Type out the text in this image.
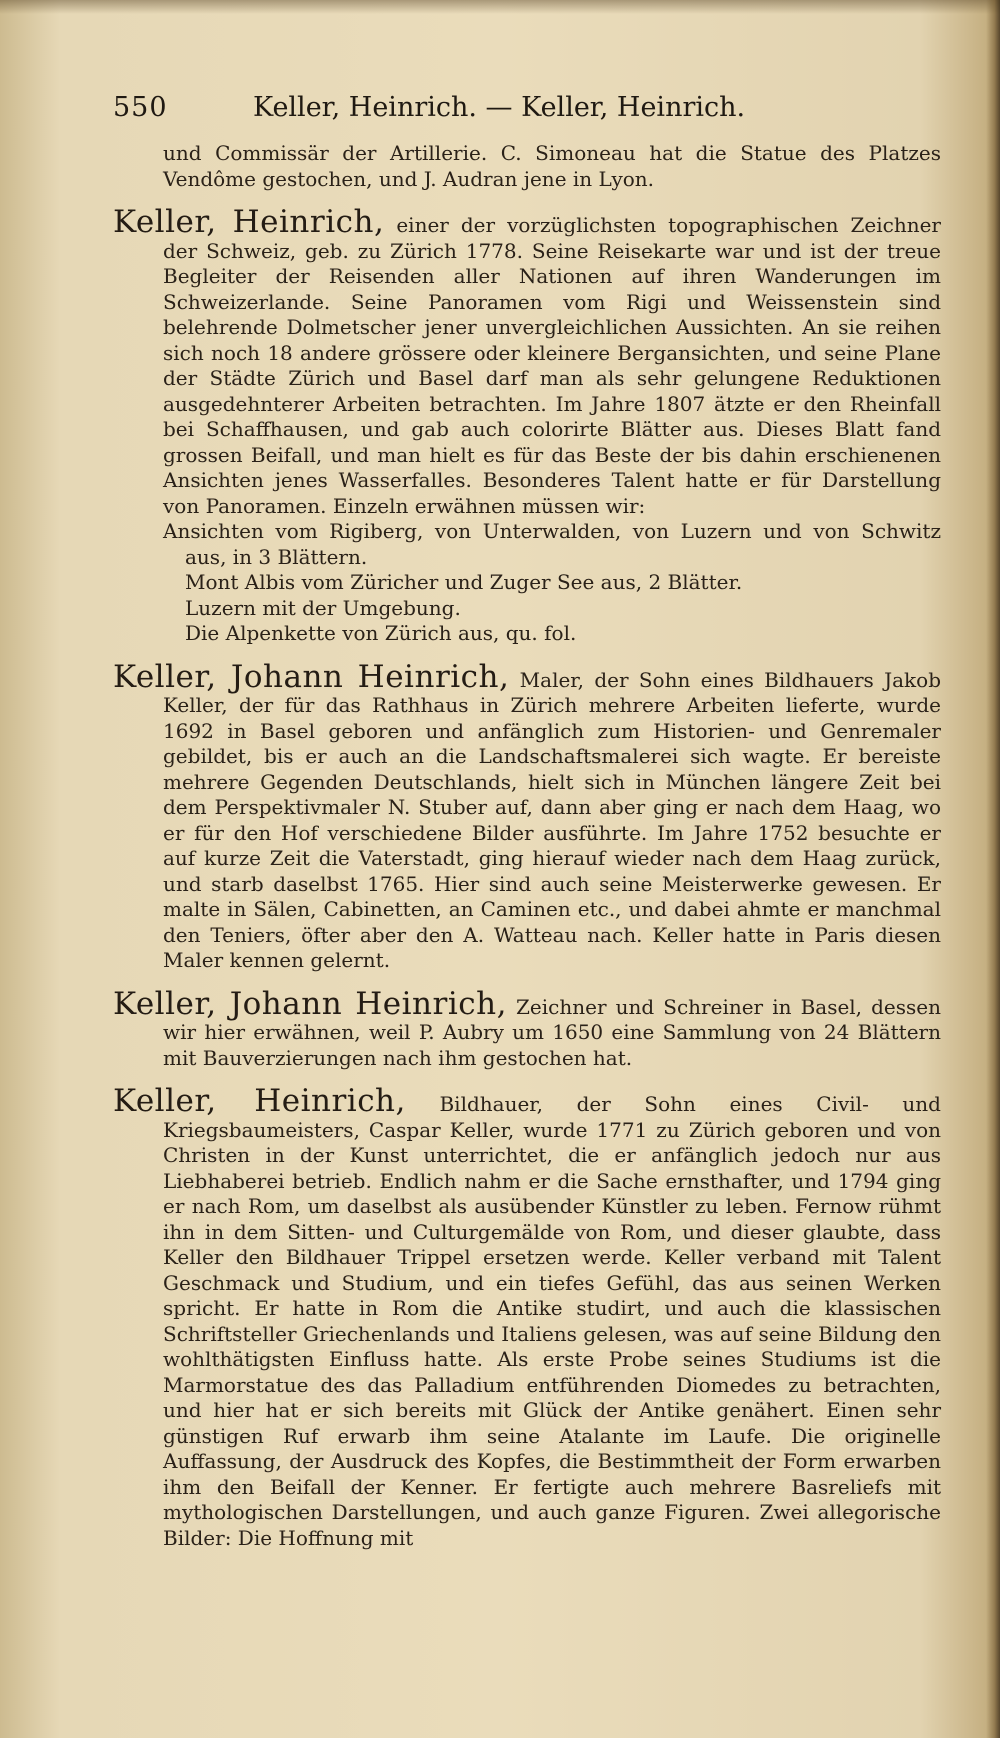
550	Keller, Heinrich. — Keller, Heinrich.

und Commissär der Artillerie. C. Simoneau hat die Statue des Platzes Vendôme gestochen, und J. Audran jene in Lyon.

Keller, Heinrich, einer der vorzüglichsten topographischen Zeichner der Schweiz, geb. zu Zürich 1778. Seine Reisekarte war und ist der treue Begleiter der Reisenden aller Nationen auf ihren Wanderungen im Schweizerlande. Seine Panoramen vom Rigi und Weissenstein sind belehrende Dolmetscher jener unvergleichlichen Aussichten. An sie reihen sich noch 18 andere grössere oder kleinere Bergansichten, und seine Plane der Städte Zürich und Basel darf man als sehr gelungene Reduktionen ausgedehnterer Arbeiten betrachten. Im Jahre 1807 ätzte er den Rheinfall bei Schaffhausen, und gab auch colorirte Blätter aus. Dieses Blatt fand grossen Beifall, und man hielt es für das Beste der bis dahin erschienenen Ansichten jenes Wasserfalles. Besonderes Talent hatte er für Darstellung von Panoramen. Einzeln erwähnen müssen wir:

Ansichten vom Rigiberg, von Unterwalden, von Luzern und von Schwitz aus, in 3 Blättern.

Mont Albis vom Züricher und Zuger See aus, 2 Blätter.

Luzern mit der Umgebung.

Die Alpenkette von Zürich aus, qu. fol.

Keller, Johann Heinrich, Maler, der Sohn eines Bildhauers Jakob Keller, der für das Rathhaus in Zürich mehrere Arbeiten lieferte, wurde 1692 in Basel geboren und anfänglich zum Historien- und Genremaler gebildet, bis er auch an die Landschaftsmalerei sich wagte. Er bereiste mehrere Gegenden Deutschlands, hielt sich in München längere Zeit bei dem Perspektivmaler N. Stuber auf, dann aber ging er nach dem Haag, wo er für den Hof verschiedene Bilder ausführte. Im Jahre 1752 besuchte er auf kurze Zeit die Vaterstadt, ging hierauf wieder nach dem Haag zurück, und starb daselbst 1765. Hier sind auch seine Meisterwerke gewesen. Er malte in Sälen, Cabinetten, an Caminen etc., und dabei ahmte er manchmal den Teniers, öfter aber den A. Watteau nach. Keller hatte in Paris diesen Maler kennen gelernt.

Keller, Johann Heinrich, Zeichner und Schreiner in Basel, dessen wir hier erwähnen, weil P. Aubry um 1650 eine Sammlung von 24 Blättern mit Bauverzierungen nach ihm gestochen hat.

Keller, Heinrich, Bildhauer, der Sohn eines Civil- und Kriegsbaumeisters, Caspar Keller, wurde 1771 zu Zürich geboren und von Christen in der Kunst unterrichtet, die er anfänglich jedoch nur aus Liebhaberei betrieb. Endlich nahm er die Sache ernsthafter, und 1794 ging er nach Rom, um daselbst als ausübender Künstler zu leben. Fernow rühmt ihn in dem Sitten- und Culturgemälde von Rom, und dieser glaubte, dass Keller den Bildhauer Trippel ersetzen werde. Keller verband mit Talent Geschmack und Studium, und ein tiefes Gefühl, das aus seinen Werken spricht. Er hatte in Rom die Antike studirt, und auch die klassischen Schriftsteller Griechenlands und Italiens gelesen, was auf seine Bildung den wohlthätigsten Einfluss hatte. Als erste Probe seines Studiums ist die Marmorstatue des das Palladium entführenden Diomedes zu betrachten, und hier hat er sich bereits mit Glück der Antike genähert. Einen sehr günstigen Ruf erwarb ihm seine Atalante im Laufe. Die originelle Auffassung, der Ausdruck des Kopfes, die Bestimmtheit der Form erwarben ihm den Beifall der Kenner. Er fertigte auch mehrere Basreliefs mit mythologischen Darstellungen, und auch ganze Figuren. Zwei allegorische Bilder: Die Hoffnung mit
